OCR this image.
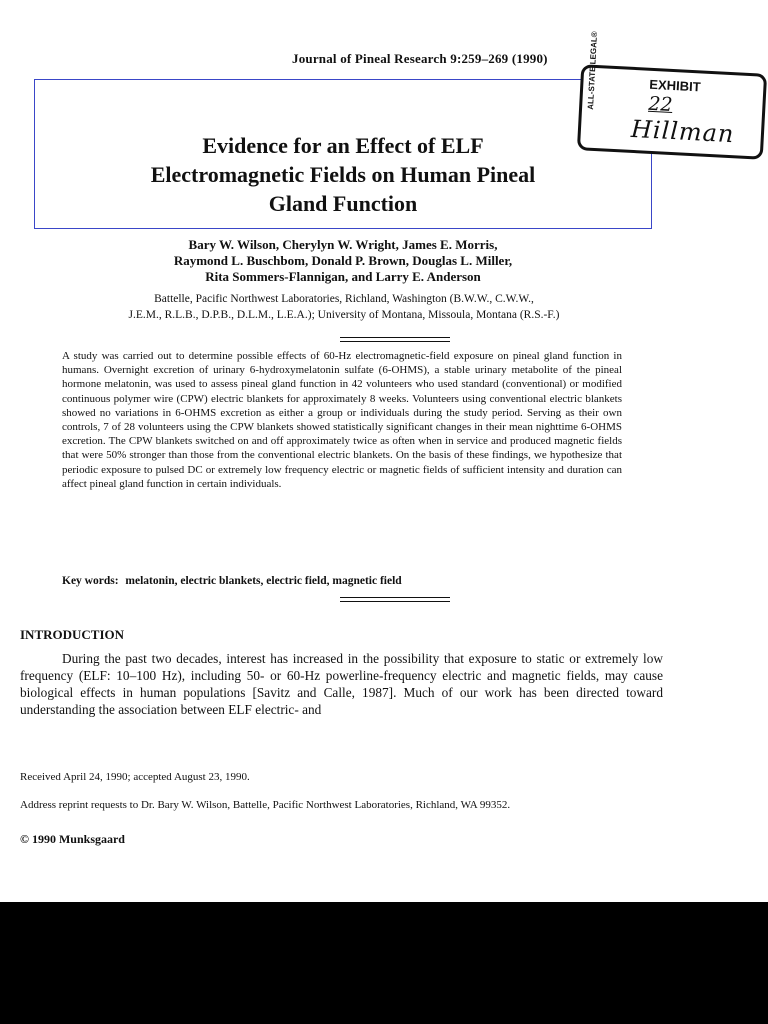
Journal of Pineal Research 9:259–269 (1990)
Evidence for an Effect of ELF
Electromagnetic Fields on Human Pineal
Gland Function
ALL-STATE LEGAL®	EXHIBIT
22
Hillman
Bary W. Wilson, Cherylyn W. Wright, James E. Morris,
Raymond L. Buschbom, Donald P. Brown, Douglas L. Miller,
Rita Sommers-Flannigan, and Larry E. Anderson
Battelle, Pacific Northwest Laboratories, Richland, Washington (B.W.W., C.W.W.,
J.E.M., R.L.B., D.P.B., D.L.M., L.E.A.); University of Montana, Missoula, Montana (R.S.-F.)
A study was carried out to determine possible effects of 60-Hz electromagnetic-field exposure on pineal gland function in humans. Overnight excretion of urinary 6-hydroxymelatonin sulfate (6-OHMS), a stable urinary metabolite of the pineal hormone melatonin, was used to assess pineal gland function in 42 volunteers who used standard (conventional) or modified continuous polymer wire (CPW) electric blankets for approximately 8 weeks. Volunteers using conventional electric blankets showed no variations in 6-OHMS excretion as either a group or individuals during the study period. Serving as their own controls, 7 of 28 volunteers using the CPW blankets showed statistically significant changes in their mean nighttime 6-OHMS excretion. The CPW blankets switched on and off approximately twice as often when in service and produced magnetic fields that were 50% stronger than those from the conventional electric blankets. On the basis of these findings, we hypothesize that periodic exposure to pulsed DC or extremely low frequency electric or magnetic fields of sufficient intensity and duration can affect pineal gland function in certain individuals.
Key words: melatonin, electric blankets, electric field, magnetic field
INTRODUCTION
During the past two decades, interest has increased in the possibility that exposure to static or extremely low frequency (ELF: 10–100 Hz), including 50- or 60-Hz powerline-frequency electric and magnetic fields, may cause biological effects in human populations [Savitz and Calle, 1987]. Much of our work has been directed toward understanding the association between ELF electric- and
Received April 24, 1990; accepted August 23, 1990.
Address reprint requests to Dr. Bary W. Wilson, Battelle, Pacific Northwest Laboratories, Richland, WA 99352.
© 1990 Munksgaard
